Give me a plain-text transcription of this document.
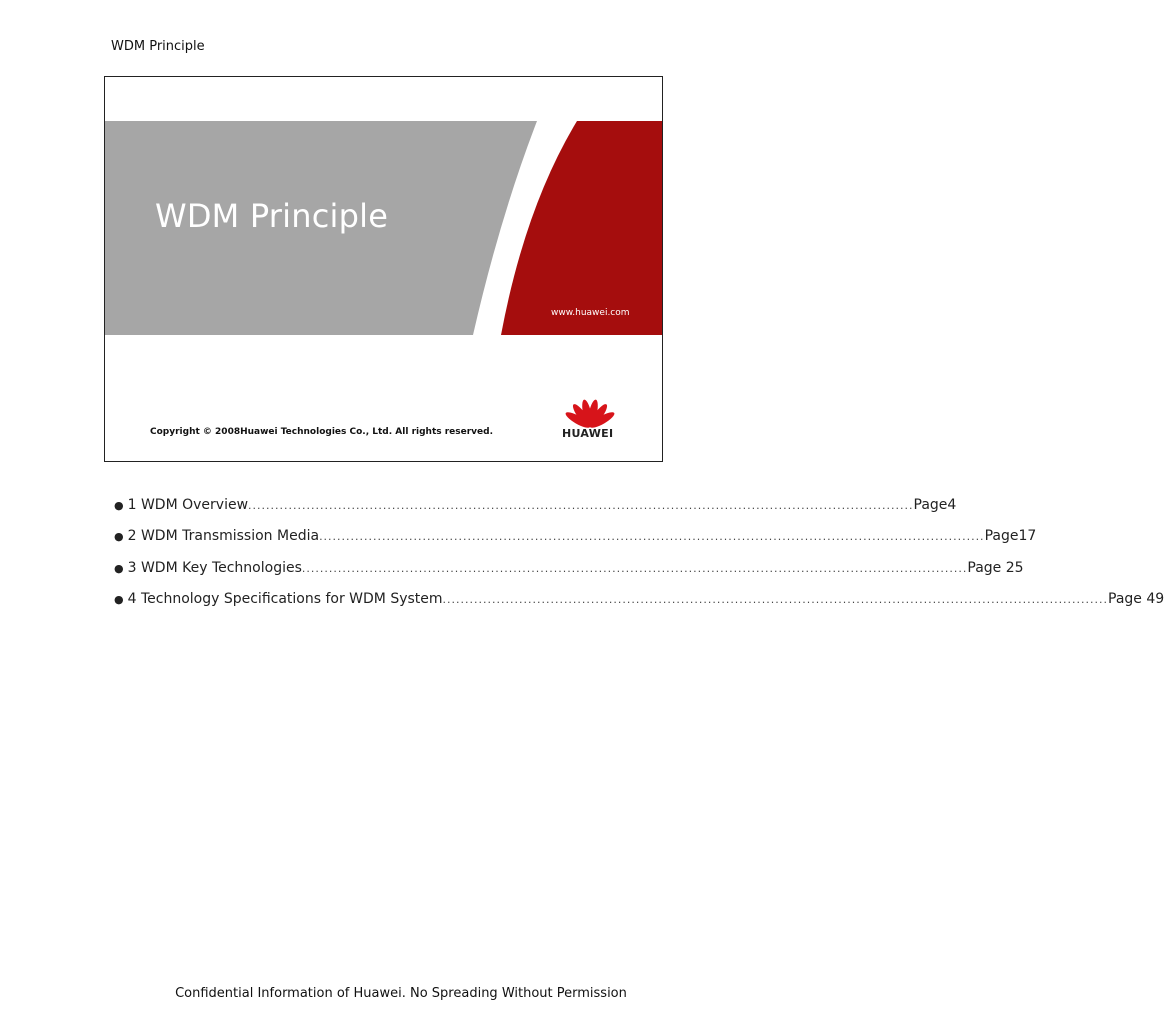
WDM Principle
WDM Principle
www.huawei.com
Copyright © 2008Huawei Technologies Co., Ltd. All rights reserved.	HUAWEI
● 1 WDM Overview .................................................................................................................................................... Page4
● 2 WDM Transmission Media .................................................................................................................................................... Page17
● 3 WDM Key Technologies .................................................................................................................................................... Page 25
● 4 Technology Specifications for WDM System .................................................................................................................................................... Page 49
Confidential Information of Huawei. No Spreading Without Permission
